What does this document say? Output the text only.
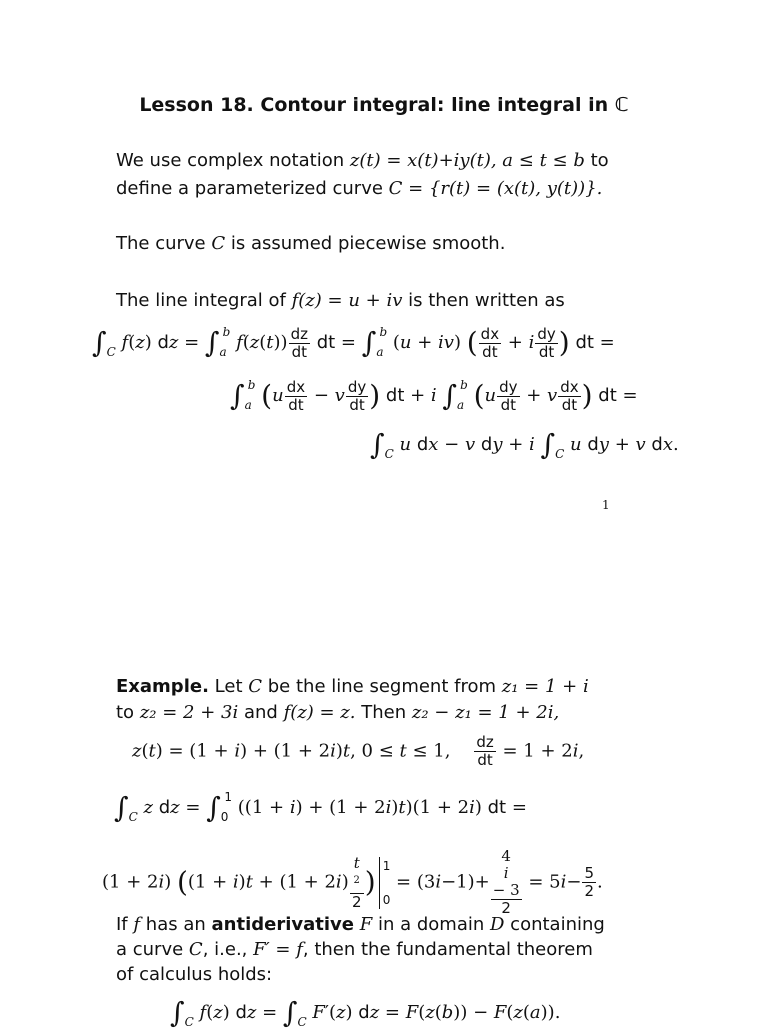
Lesson 18. Contour integral: line integral in ℂ
We use complex notation z(t) = x(t)+iy(t), a ≤ t ≤ b to
define a parameterized curve C = {r(t) = (x(t), y(t))}.
The curve C is assumed piecewise smooth.
The line integral of f(z) = u + iv is then written as
$\int_C$ f(z) dz = $\int_a^b$ $f(z(t)) \frac{dz}{dt}$ dt = $\int_a^b$ (u + iv) ( $\frac{dx}{dt} + i \frac{dy}{dt}$ ) dt =
$\int_a^b$ ($u \frac{dx}{dt} - v \frac{dy}{dt}$ ) dt + i $\int_a^b$ ($u \frac{dy}{dt} + v \frac{dx}{dt}$ ) dt =
$\int_C$ u dx − v dy + i $\int_C$ u dy + v dx.
1
Example. Let C be the line segment from z₁ = 1 + i
to z₂ = 2 + 3i and f(z) = z. Then z₂ − z₁ = 1 + 2i,
z(t) = (1 + i) + (1 + 2i)t, 0 ≤ t ≤ 1, $\frac{dz}{dt} = 1 + 2i$,
$\int_C$ z dz = $\int_0^1$ ((1 + i) + (1 + 2i)t)(1 + 2i) dt =
(1 + 2i) ((1 + i)t + (1 + 2i) t
$^2$
2 ) 1
0
= (3i−1)+ 4
i
− 3
$2 = 5i- \frac{5}{2}$ .
If f has an antiderivative F in a domain D containing
a curve C, i.e., F′ = f, then the fundamental theorem
of calculus holds:
$\int_C$ f(z) dz = $\int_C$ F′(z) dz = F(z(b)) − F(z(a)).
